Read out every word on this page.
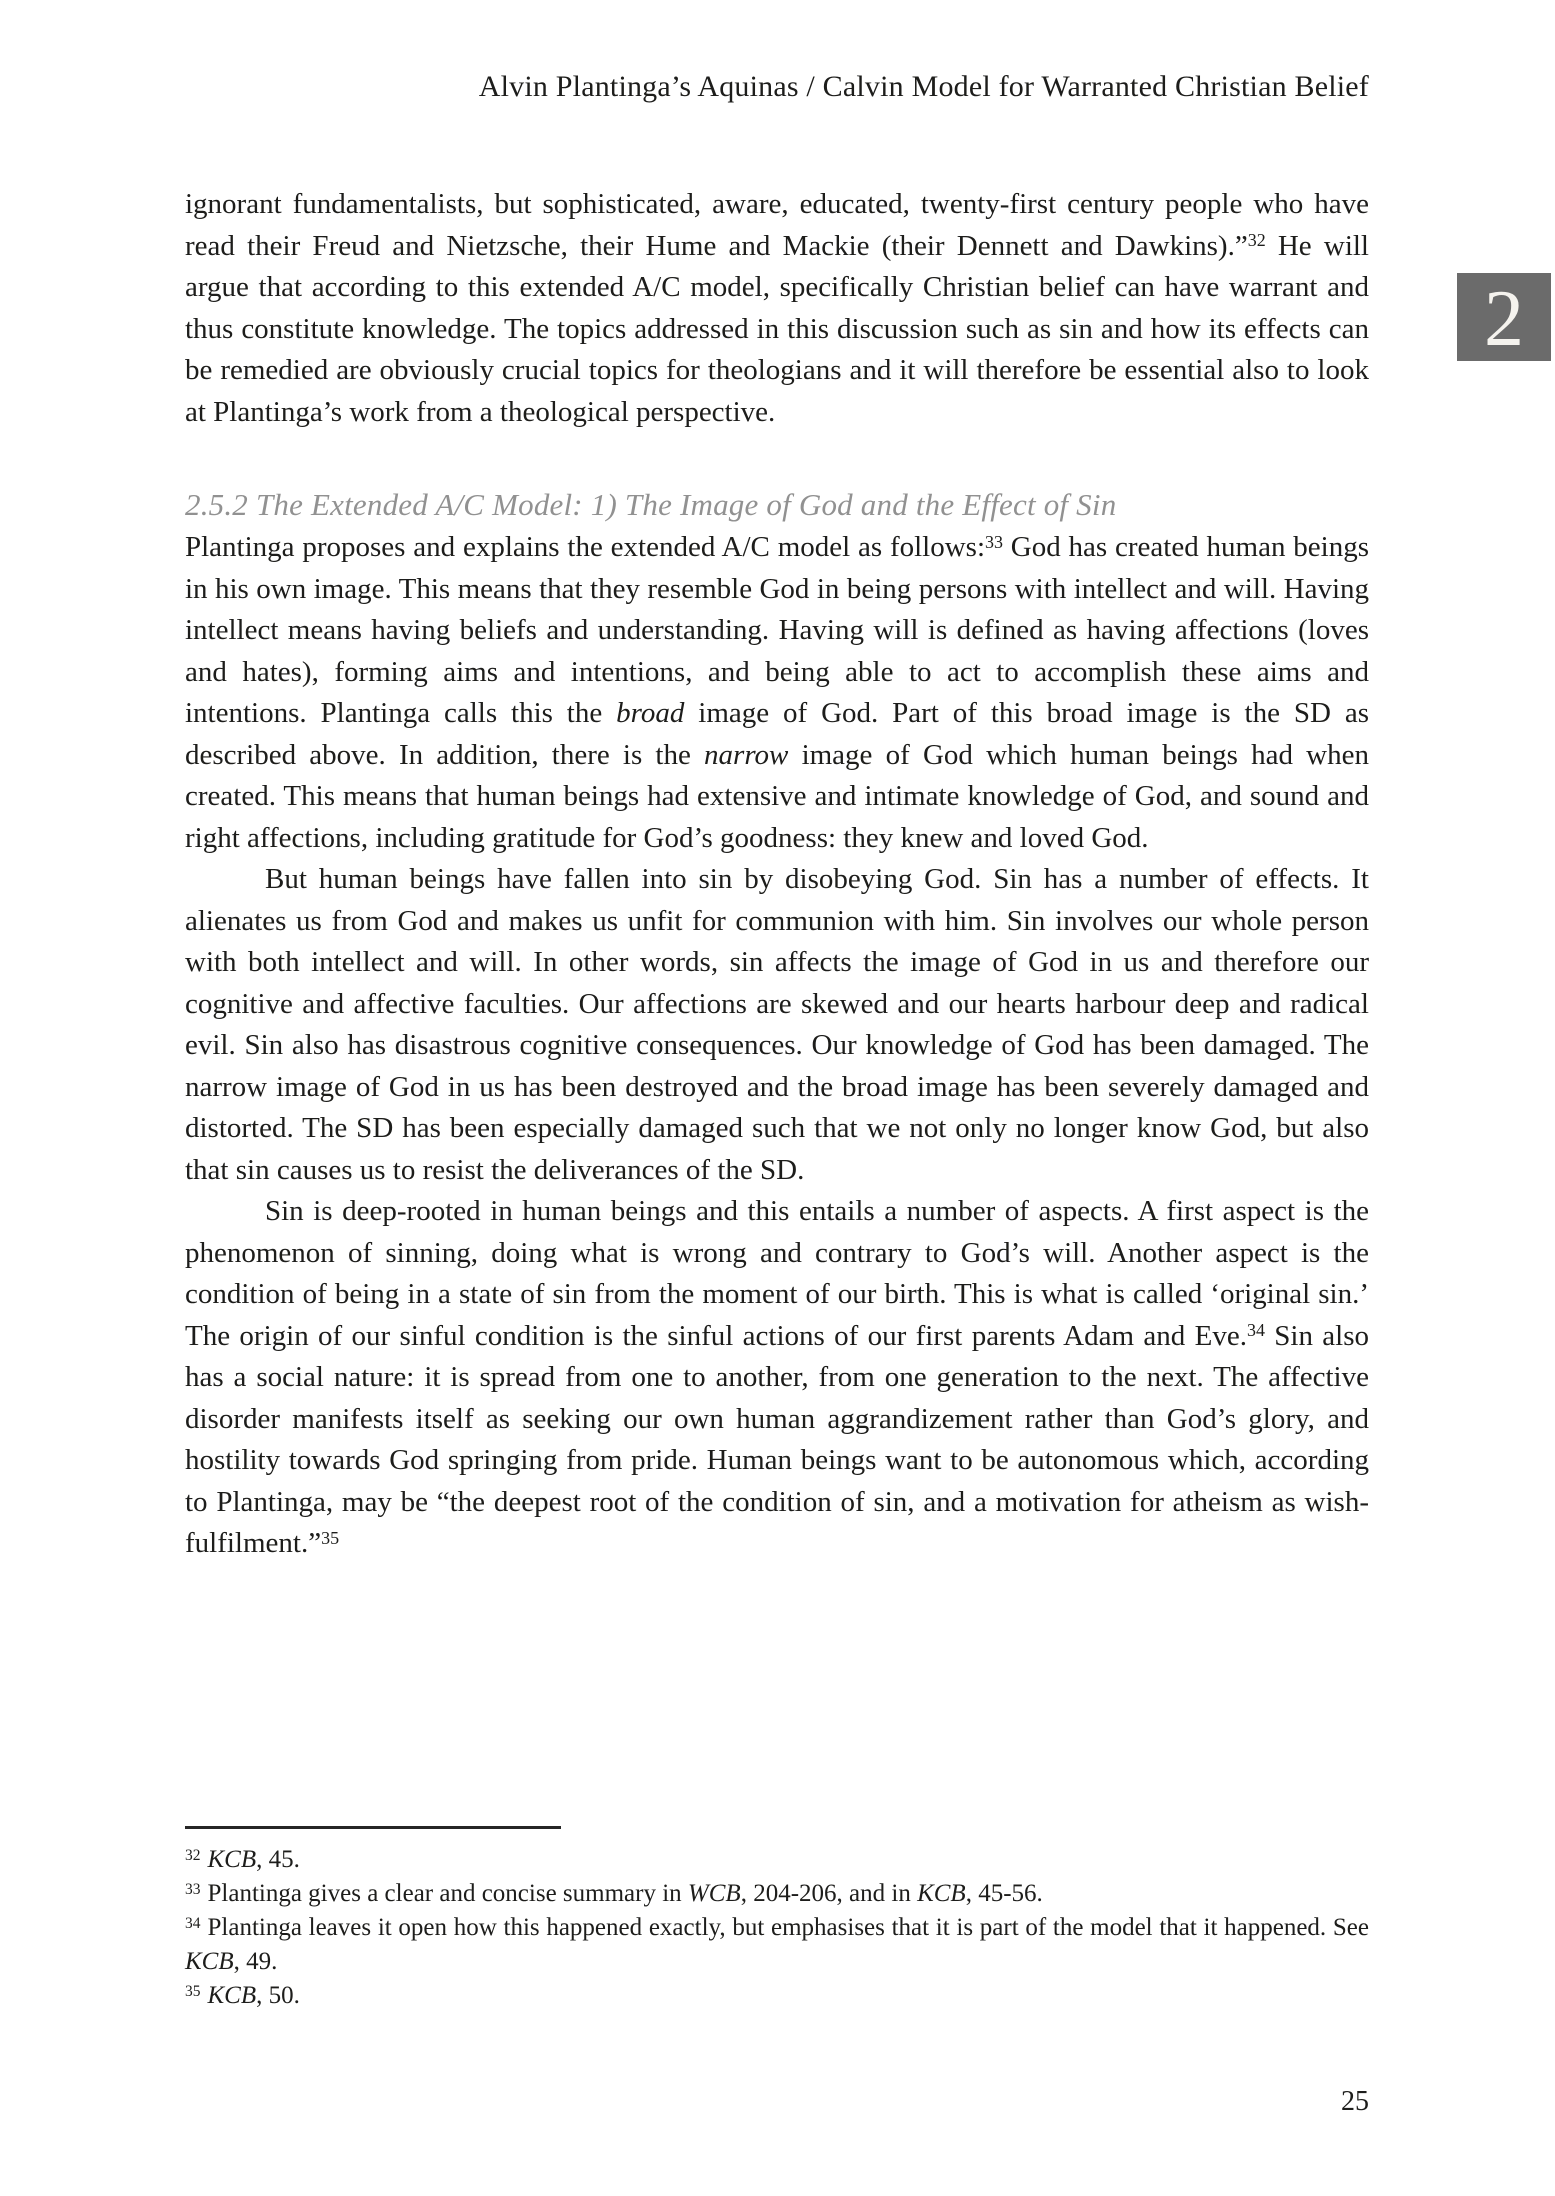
Alvin Plantinga’s Aquinas / Calvin Model for Warranted Christian Belief
2

ignorant fundamentalists, but sophisticated, aware, educated, twenty-first century people who have read their Freud and Nietzsche, their Hume and Mackie (their Dennett and Dawkins).”$^{32}$ He will argue that according to this extended A/C model, specifically Christian belief can have warrant and thus constitute knowledge. The topics addressed in this discussion such as sin and how its effects can be remedied are obviously crucial topics for theologians and it will therefore be essential also to look at Plantinga’s work from a theological perspective.

2.5.2 The Extended A/C Model: 1) The Image of God and the Effect of Sin

Plantinga proposes and explains the extended A/C model as follows:$^{33}$ God has created human beings in his own image. This means that they resemble God in being persons with intellect and will. Having intellect means having beliefs and understanding. Having will is defined as having affections (loves and hates), forming aims and intentions, and being able to act to accomplish these aims and intentions. Plantinga calls this the broad image of God. Part of this broad image is the SD as described above. In addition, there is the narrow image of God which human beings had when created. This means that human beings had extensive and intimate knowledge of God, and sound and right affections, including gratitude for God’s goodness: they knew and loved God.

But human beings have fallen into sin by disobeying God. Sin has a number of effects. It alienates us from God and makes us unfit for communion with him. Sin involves our whole person with both intellect and will. In other words, sin affects the image of God in us and therefore our cognitive and affective faculties. Our affections are skewed and our hearts harbour deep and radical evil. Sin also has disastrous cognitive consequences. Our knowledge of God has been damaged. The narrow image of God in us has been destroyed and the broad image has been severely damaged and distorted. The SD has been especially damaged such that we not only no longer know God, but also that sin causes us to resist the deliverances of the SD.

Sin is deep-rooted in human beings and this entails a number of aspects. A first aspect is the phenomenon of sinning, doing what is wrong and contrary to God’s will. Another aspect is the condition of being in a state of sin from the moment of our birth. This is what is called ‘original sin.’ The origin of our sinful condition is the sinful actions of our first parents Adam and Eve.$^{34}$ Sin also has a social nature: it is spread from one to another, from one generation to the next. The affective disorder manifests itself as seeking our own human aggrandizement rather than God’s glory, and hostility towards God springing from pride. Human beings want to be autonomous which, according to Plantinga, may be “the deepest root of the condition of sin, and a motivation for atheism as wish-fulfilment.”$^{35}$

$^{32}$ KCB, 45.
$^{33}$ Plantinga gives a clear and concise summary in WCB, 204-206, and in KCB, 45-56.
$^{34}$ Plantinga leaves it open how this happened exactly, but emphasises that it is part of the model that it happened. See KCB, 49.
$^{35}$ KCB, 50.
25
